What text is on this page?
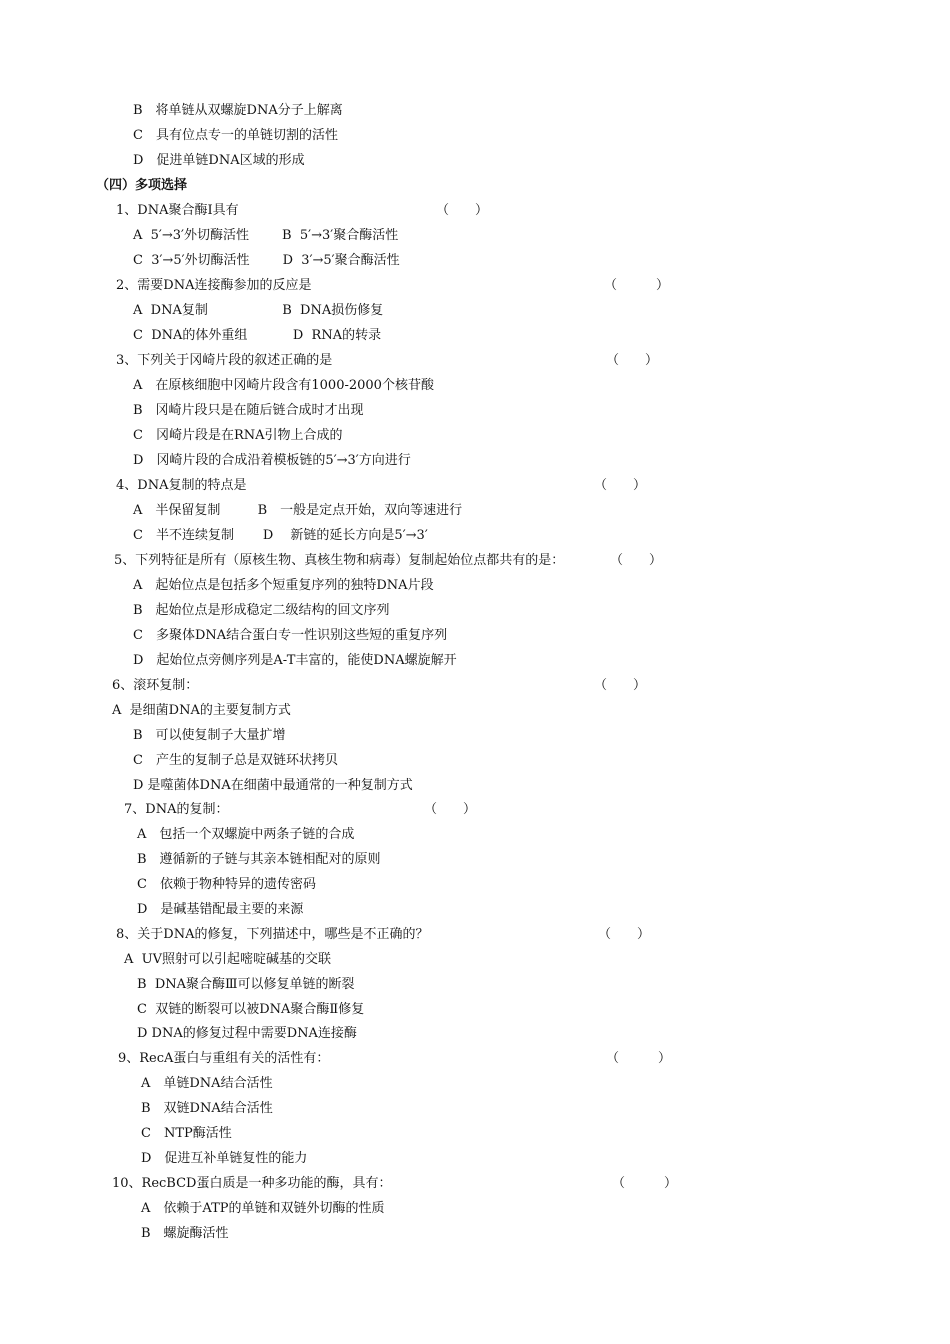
B　将单链从双螺旋DNA分子上解离
C　具有位点专一的单链切割的活性
D　促进单链DNA区域的形成
（四）多项选择
1、DNA聚合酶Ⅰ具有	（　　）
A  5′→3′外切酶活性        B  5′→3′聚合酶活性
C  3′→5′外切酶活性        D  3′→5′聚合酶活性
2、需要DNA连接酶参加的反应是	（　　　）
A  DNA复制                  B  DNA损伤修复
C  DNA的体外重组           D  RNA的转录
3、下列关于冈崎片段的叙述正确的是	（　　）
A　在原核细胞中冈崎片段含有1000-2000个核苷酸
B　冈崎片段只是在随后链合成时才出现
C　冈崎片段是在RNA引物上合成的
D　冈崎片段的合成沿着模板链的5′→3′方向进行
4、DNA复制的特点是	（　　）
A　半保留复制         B　一般是定点开始，双向等速进行
C　半不连续复制       D　 新链的延长方向是5′→3′
5、下列特征是所有（原核生物、真核生物和病毒）复制起始位点都共有的是：	（　　）
A　起始位点是包括多个短重复序列的独特DNA片段
B　起始位点是形成稳定二级结构的回文序列
C　多聚体DNA结合蛋白专一性识别这些短的重复序列
D　起始位点旁侧序列是A-T丰富的，能使DNA螺旋解开
6、滚环复制：	（　　）
A  是细菌DNA的主要复制方式
B　可以使复制子大量扩增
C　产生的复制子总是双链环状拷贝
D 是噬菌体DNA在细菌中最通常的一种复制方式
7、DNA的复制：	（　　）
A　包括一个双螺旋中两条子链的合成
B　遵循新的子链与其亲本链相配对的原则
C　依赖于物种特异的遗传密码
D　是碱基错配最主要的来源
8、关于DNA的修复，下列描述中，哪些是不正确的？	（　　）
A  UV照射可以引起嘧啶碱基的交联
B  DNA聚合酶Ⅲ可以修复单链的断裂
C  双链的断裂可以被DNA聚合酶Ⅱ修复
D DNA的修复过程中需要DNA连接酶
9、RecA蛋白与重组有关的活性有：	（　　　）
A　单链DNA结合活性
B　双链DNA结合活性
C　NTP酶活性
D　促进互补单链复性的能力
10、RecBCD蛋白质是一种多功能的酶，具有：	（　　　）
A　依赖于ATP的单链和双链外切酶的性质
B　螺旋酶活性
